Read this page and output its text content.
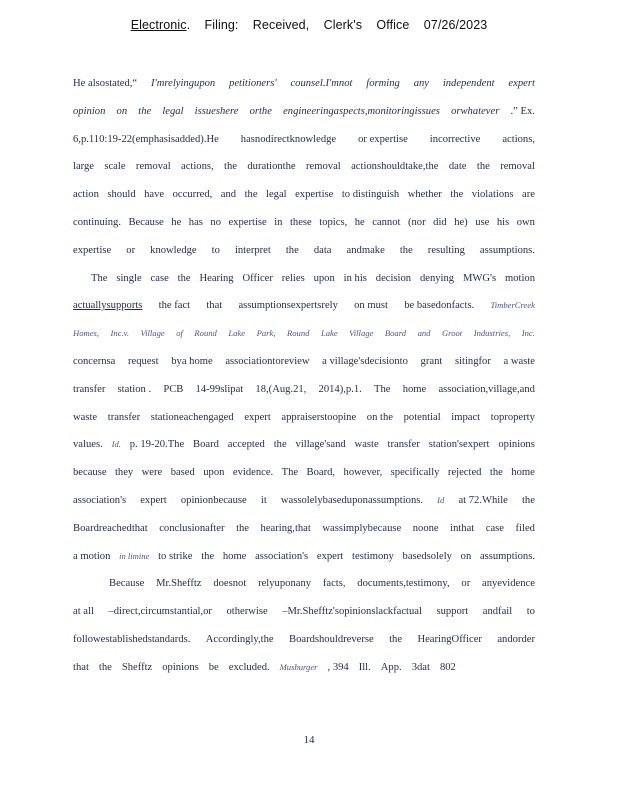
Electronic. Filing: Received, Clerk's Office 07/26/2023
He alsostated,“ I'mrelyingupon petitioners' counsel.I'mnot forming any independent expert
opinion on the legal issueshere orthe engineeringaspects,monitoringissues orwhatever .” Ex.
6,p.110:19-22(emphasisadded).He hasnodirectknowledge or expertise incorrective actions,
large scale removal actions, the durationthe removal actionshouldtake,the date the removal
action should have occurred, and the legal expertise to distinguish whether the violations are
continuing. Because he has no expertise in these topics, he cannot (nor did he) use his own
expertise or knowledge to interpret the data andmake the resulting assumptions.
The single case the Hearing Officer relies upon in his decision denying MWG's motion
actuallysupports the fact that assumptionsexpertsrely on must be basedonfacts. TimberCreek
Homes, Inc.v. Village of Round Lake Park, Round Lake Village Board and Groot Industries, Inc.
concernsa request bya home associationtoreview a village'sdecisionto grant sitingfor a waste
transfer station . PCB 14-99slipat 18,(Aug.21, 2014),p.1. The home association,village,and
waste transfer stationeachengaged expert appraiserstoopine on the potential impact toproperty
values. Id. p. 19-20.The Board accepted the village'sand waste transfer station'sexpert opinions
because they were based upon evidence. The Board, however, specifically rejected the home
association's expert opinionbecause it wassolelybaseduponassumptions. Id at 72.While the
Boardreachedthat conclusionafter the hearing,that wassimplybecause noone inthat case filed
a motion in limine to strike the home association's expert testimony basedsolely on assumptions.
Because Mr.Shefftz doesnot relyuponany facts, documents,testimony, or anyevidence
at all –direct,circumstantial,or otherwise –Mr.Shefftz'sopinionslackfactual support andfail to
followestablishedstandards. Accordingly,the Boardshouldreverse the HearingOfficer andorder
that the Shefftz opinions be excluded. Musburger , 394 Ill. App. 3dat 802
14
